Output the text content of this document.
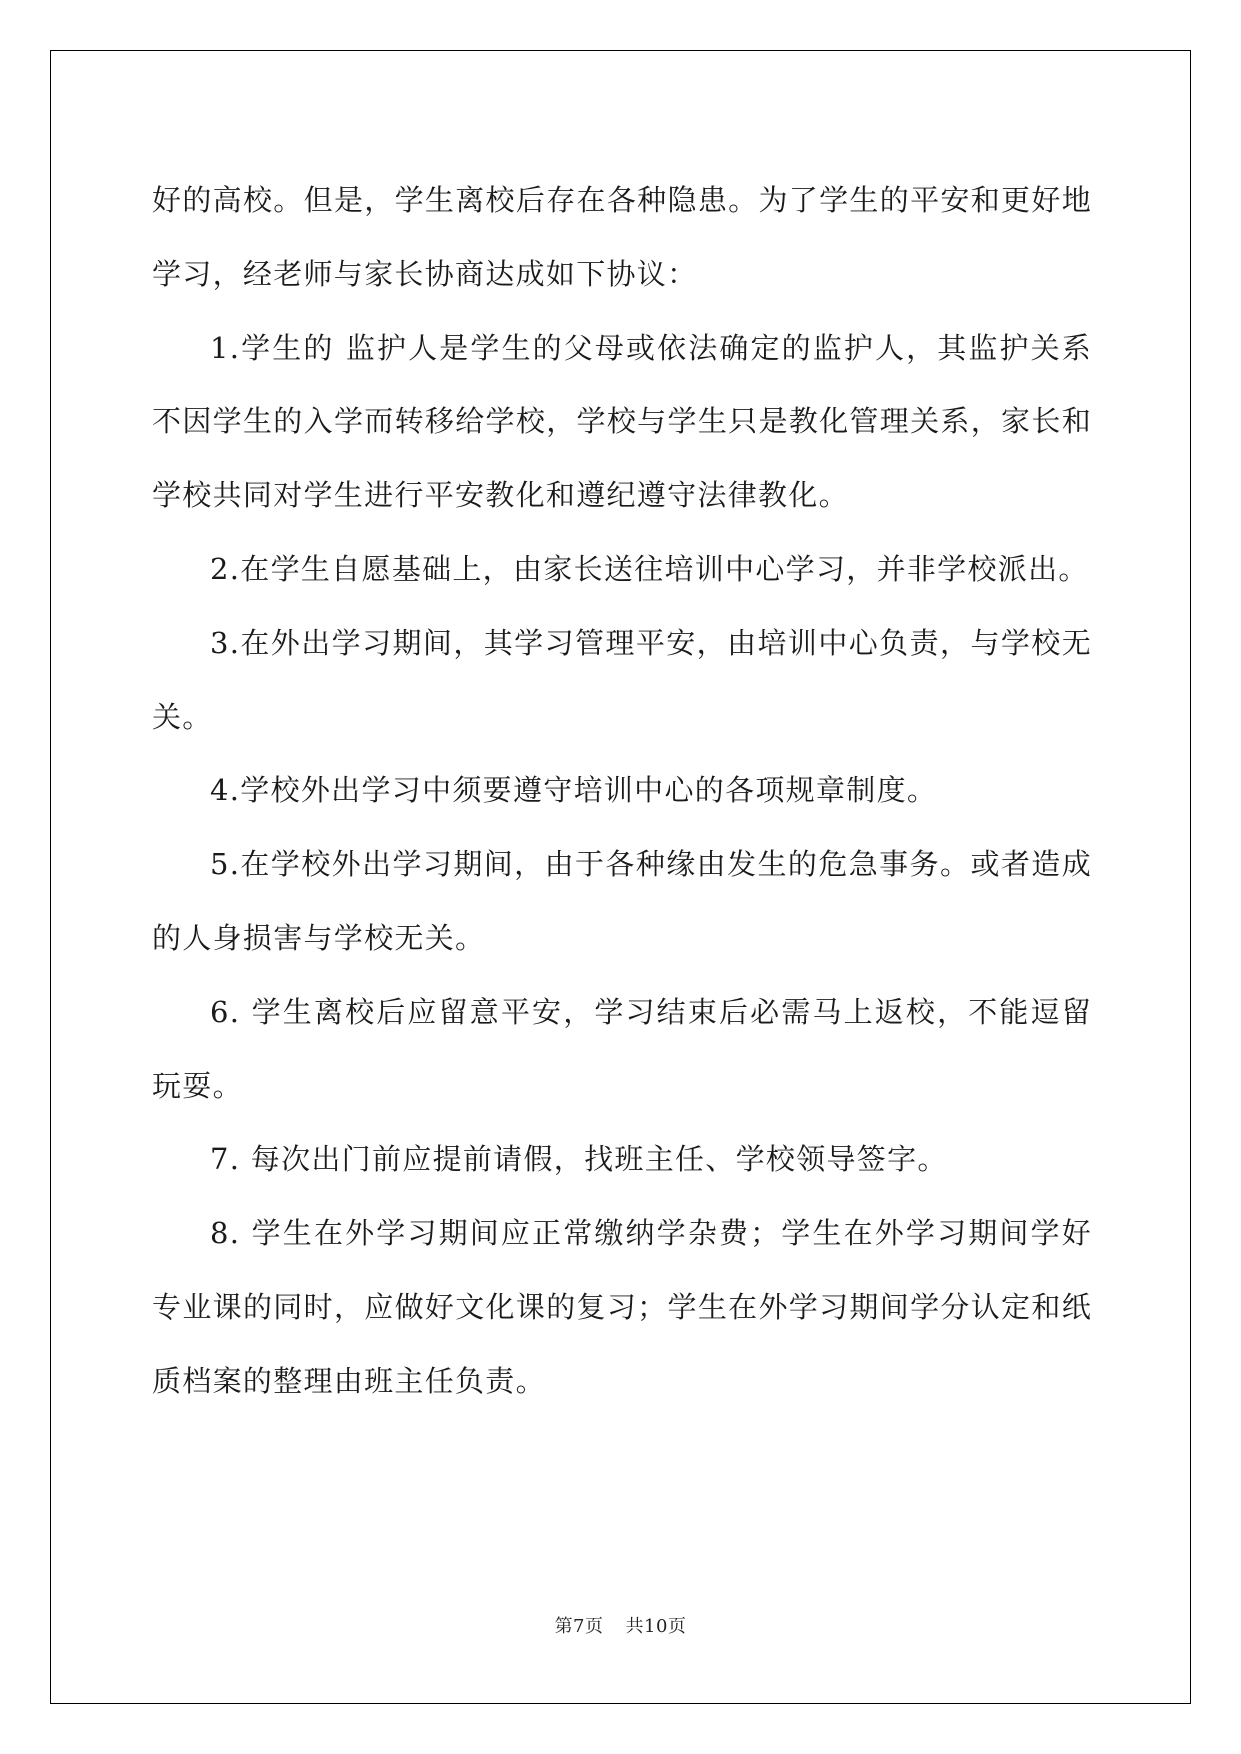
好的高校。但是，学生离校后存在各种隐患。为了学生的平安和更好地学习，经老师与家长协商达成如下协议：

1.学生的 监护人是学生的父母或依法确定的监护人，其监护关系不因学生的入学而转移给学校，学校与学生只是教化管理关系，家长和学校共同对学生进行平安教化和遵纪遵守法律教化。

2.在学生自愿基础上，由家长送往培训中心学习，并非学校派出。

3.在外出学习期间，其学习管理平安，由培训中心负责，与学校无关。

4.学校外出学习中须要遵守培训中心的各项规章制度。

5.在学校外出学习期间，由于各种缘由发生的危急事务。或者造成的人身损害与学校无关。

6. 学生离校后应留意平安，学习结束后必需马上返校，不能逗留玩耍。

7. 每次出门前应提前请假，找班主任、学校领导签字。

8. 学生在外学习期间应正常缴纳学杂费；学生在外学习期间学好专业课的同时，应做好文化课的复习；学生在外学习期间学分认定和纸质档案的整理由班主任负责。

第7页 共10页
